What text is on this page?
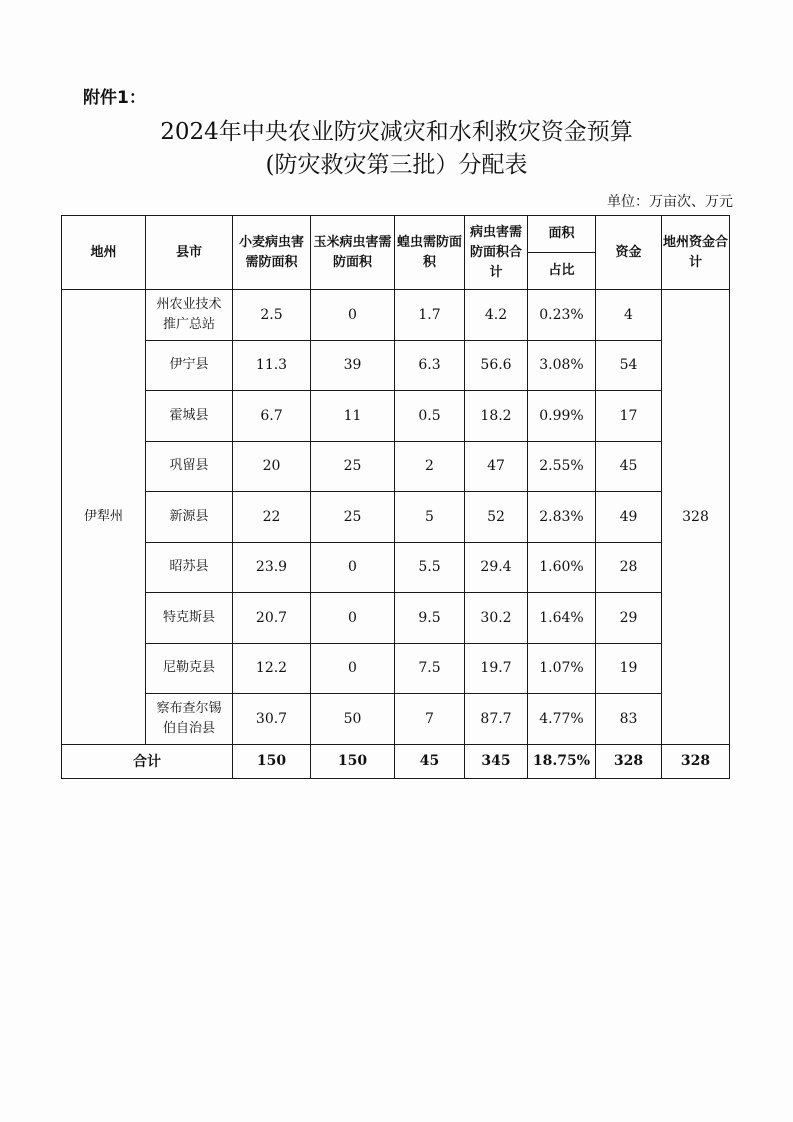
附件1：
2024年中央农业防灾减灾和水利救灾资金预算
(防灾救灾第三批）分配表
单位：万亩次、万元
地州	县市	小麦病虫害需防面积	玉米病虫害需防面积	蝗虫需防面积	病虫害需防面积合计	面积	资金	地州资金合计
						占比		
伊犁州	州农业技术推广总站	2.5	0	1.7	4.2	0.23%	4	328
	伊宁县	11.3	39	6.3	56.6	3.08%	54	
	霍城县	6.7	11	0.5	18.2	0.99%	17	
	巩留县	20	25	2	47	2.55%	45	
	新源县	22	25	5	52	2.83%	49	
	昭苏县	23.9	0	5.5	29.4	1.60%	28	
	特克斯县	20.7	0	9.5	30.2	1.64%	29	
	尼勒克县	12.2	0	7.5	19.7	1.07%	19	
	察布查尔锡伯自治县	30.7	50	7	87.7	4.77%	83	
合计		150	150	45	345	18.75%	328	328
